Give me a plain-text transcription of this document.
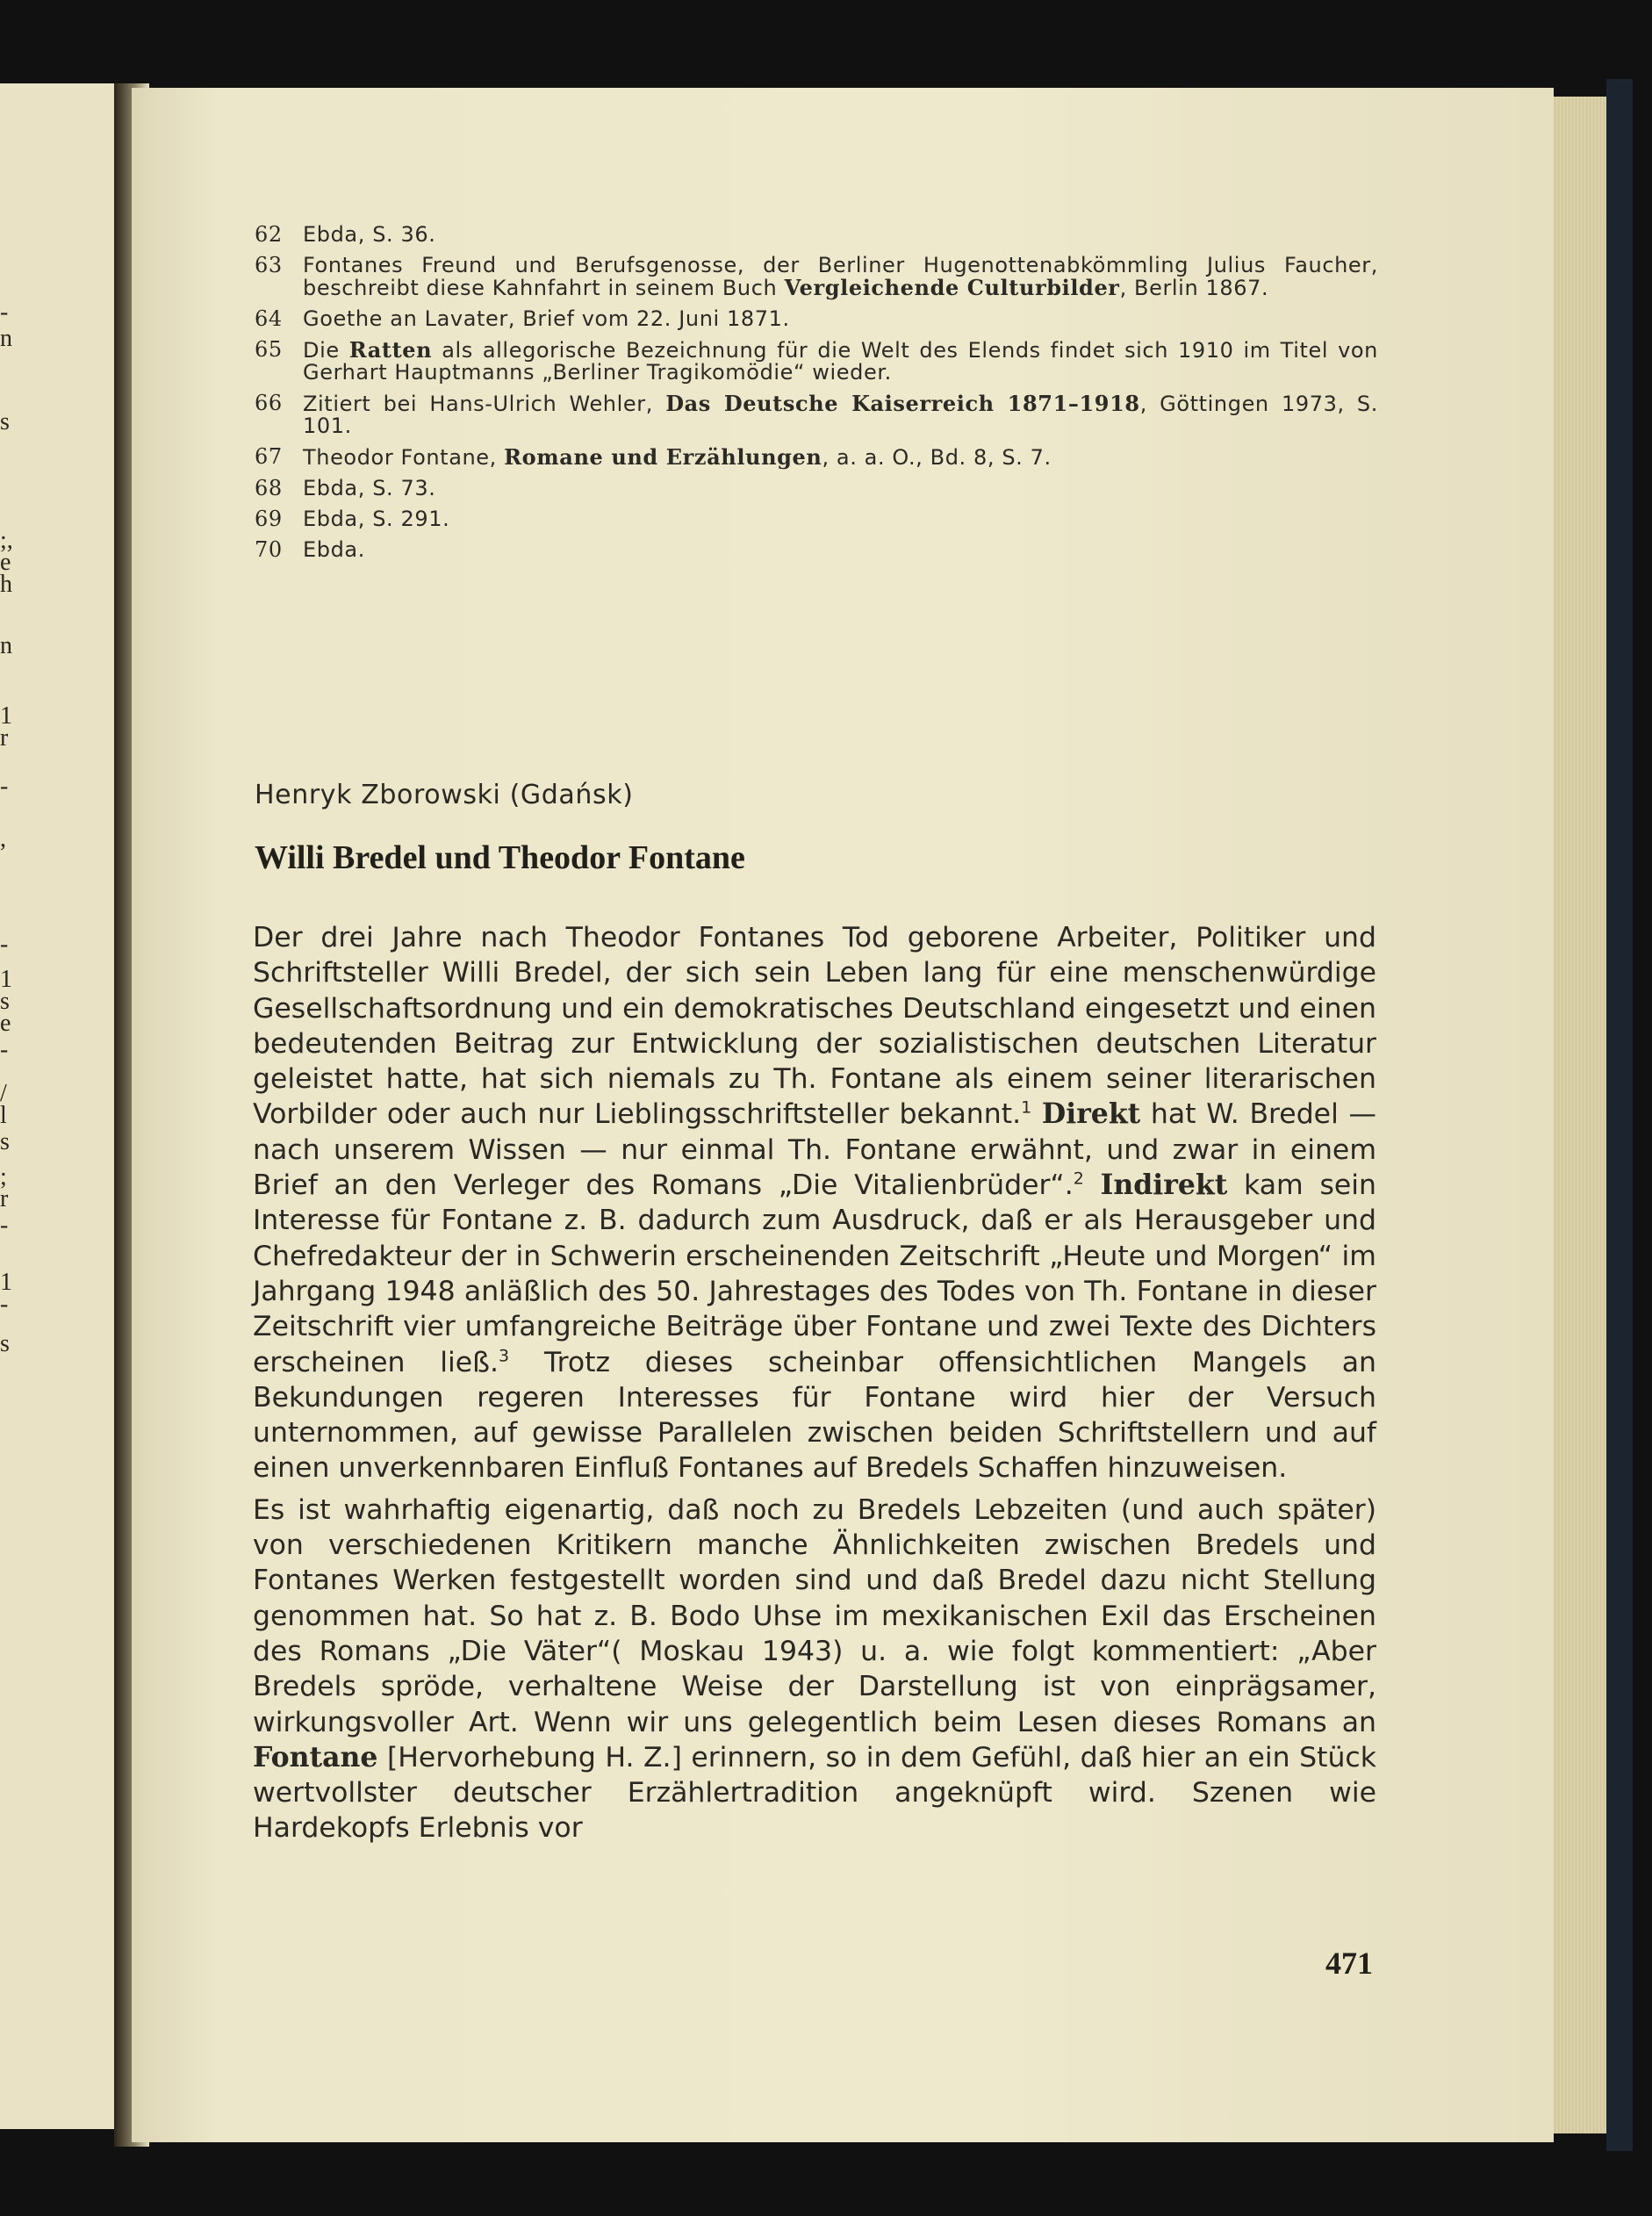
-
n
s
;,
e
h
n
1
r
-
,
-
1
s
e
-
/
l
s
;
r
-
1
-
s
62 Ebda, S. 36.
63 Fontanes Freund und Berufsgenosse, der Berliner Hugenottenabkömmling Julius Faucher, beschreibt diese Kahnfahrt in seinem Buch Vergleichende Culturbilder, Berlin 1867.
64 Goethe an Lavater, Brief vom 22. Juni 1871.
65 Die Ratten als allegorische Bezeichnung für die Welt des Elends findet sich 1910 im Titel von Gerhart Hauptmanns „Berliner Tragikomödie“ wieder.
66 Zitiert bei Hans-Ulrich Wehler, Das Deutsche Kaiserreich 1871–1918, Göttingen 1973, S. 101.
67 Theodor Fontane, Romane und Erzählungen, a. a. O., Bd. 8, S. 7.
68 Ebda, S. 73.
69 Ebda, S. 291.
70 Ebda.
Henryk Zborowski (Gdańsk)
Willi Bredel und Theodor Fontane

Der drei Jahre nach Theodor Fontanes Tod geborene Arbeiter, Politiker und Schriftsteller Willi Bredel, der sich sein Leben lang für eine menschenwürdige Gesellschaftsordnung und ein demokratisches Deutschland eingesetzt und einen bedeutenden Beitrag zur Entwicklung der sozialistischen deutschen Literatur geleistet hatte, hat sich niemals zu Th. Fontane als einem seiner literarischen Vorbilder oder auch nur Lieblingsschriftsteller bekannt.$^1$ Direkt hat W. Bredel — nach unserem Wissen — nur einmal Th. Fontane erwähnt, und zwar in einem Brief an den Verleger des Romans „Die Vitalienbrüder“.$^2$ Indirekt kam sein Interesse für Fontane z. B. dadurch zum Ausdruck, daß er als Herausgeber und Chefredakteur der in Schwerin erscheinenden Zeitschrift „Heute und Morgen“ im Jahrgang 1948 anläßlich des 50. Jahrestages des Todes von Th. Fontane in dieser Zeitschrift vier umfangreiche Beiträge über Fontane und zwei Texte des Dichters erscheinen ließ.$^3$ Trotz dieses scheinbar offensichtlichen Mangels an Bekundungen regeren Interesses für Fontane wird hier der Versuch unternommen, auf gewisse Parallelen zwischen beiden Schriftstellern und auf einen unverkennbaren Einfluß Fontanes auf Bredels Schaffen hinzuweisen.

Es ist wahrhaftig eigenartig, daß noch zu Bredels Lebzeiten (und auch später) von verschiedenen Kritikern manche Ähnlichkeiten zwischen Bredels und Fontanes Werken festgestellt worden sind und daß Bredel dazu nicht Stellung genommen hat. So hat z. B. Bodo Uhse im mexikanischen Exil das Erscheinen des Romans „Die Väter“( Moskau 1943) u. a. wie folgt kommentiert: „Aber Bredels spröde, verhaltene Weise der Darstellung ist von einprägsamer, wirkungsvoller Art. Wenn wir uns gelegentlich beim Lesen dieses Romans an Fontane [Hervorhebung H. Z.] erinnern, so in dem Gefühl, daß hier an ein Stück wertvollster deutscher Erzählertradition angeknüpft wird. Szenen wie Hardekopfs Erlebnis vor

471
